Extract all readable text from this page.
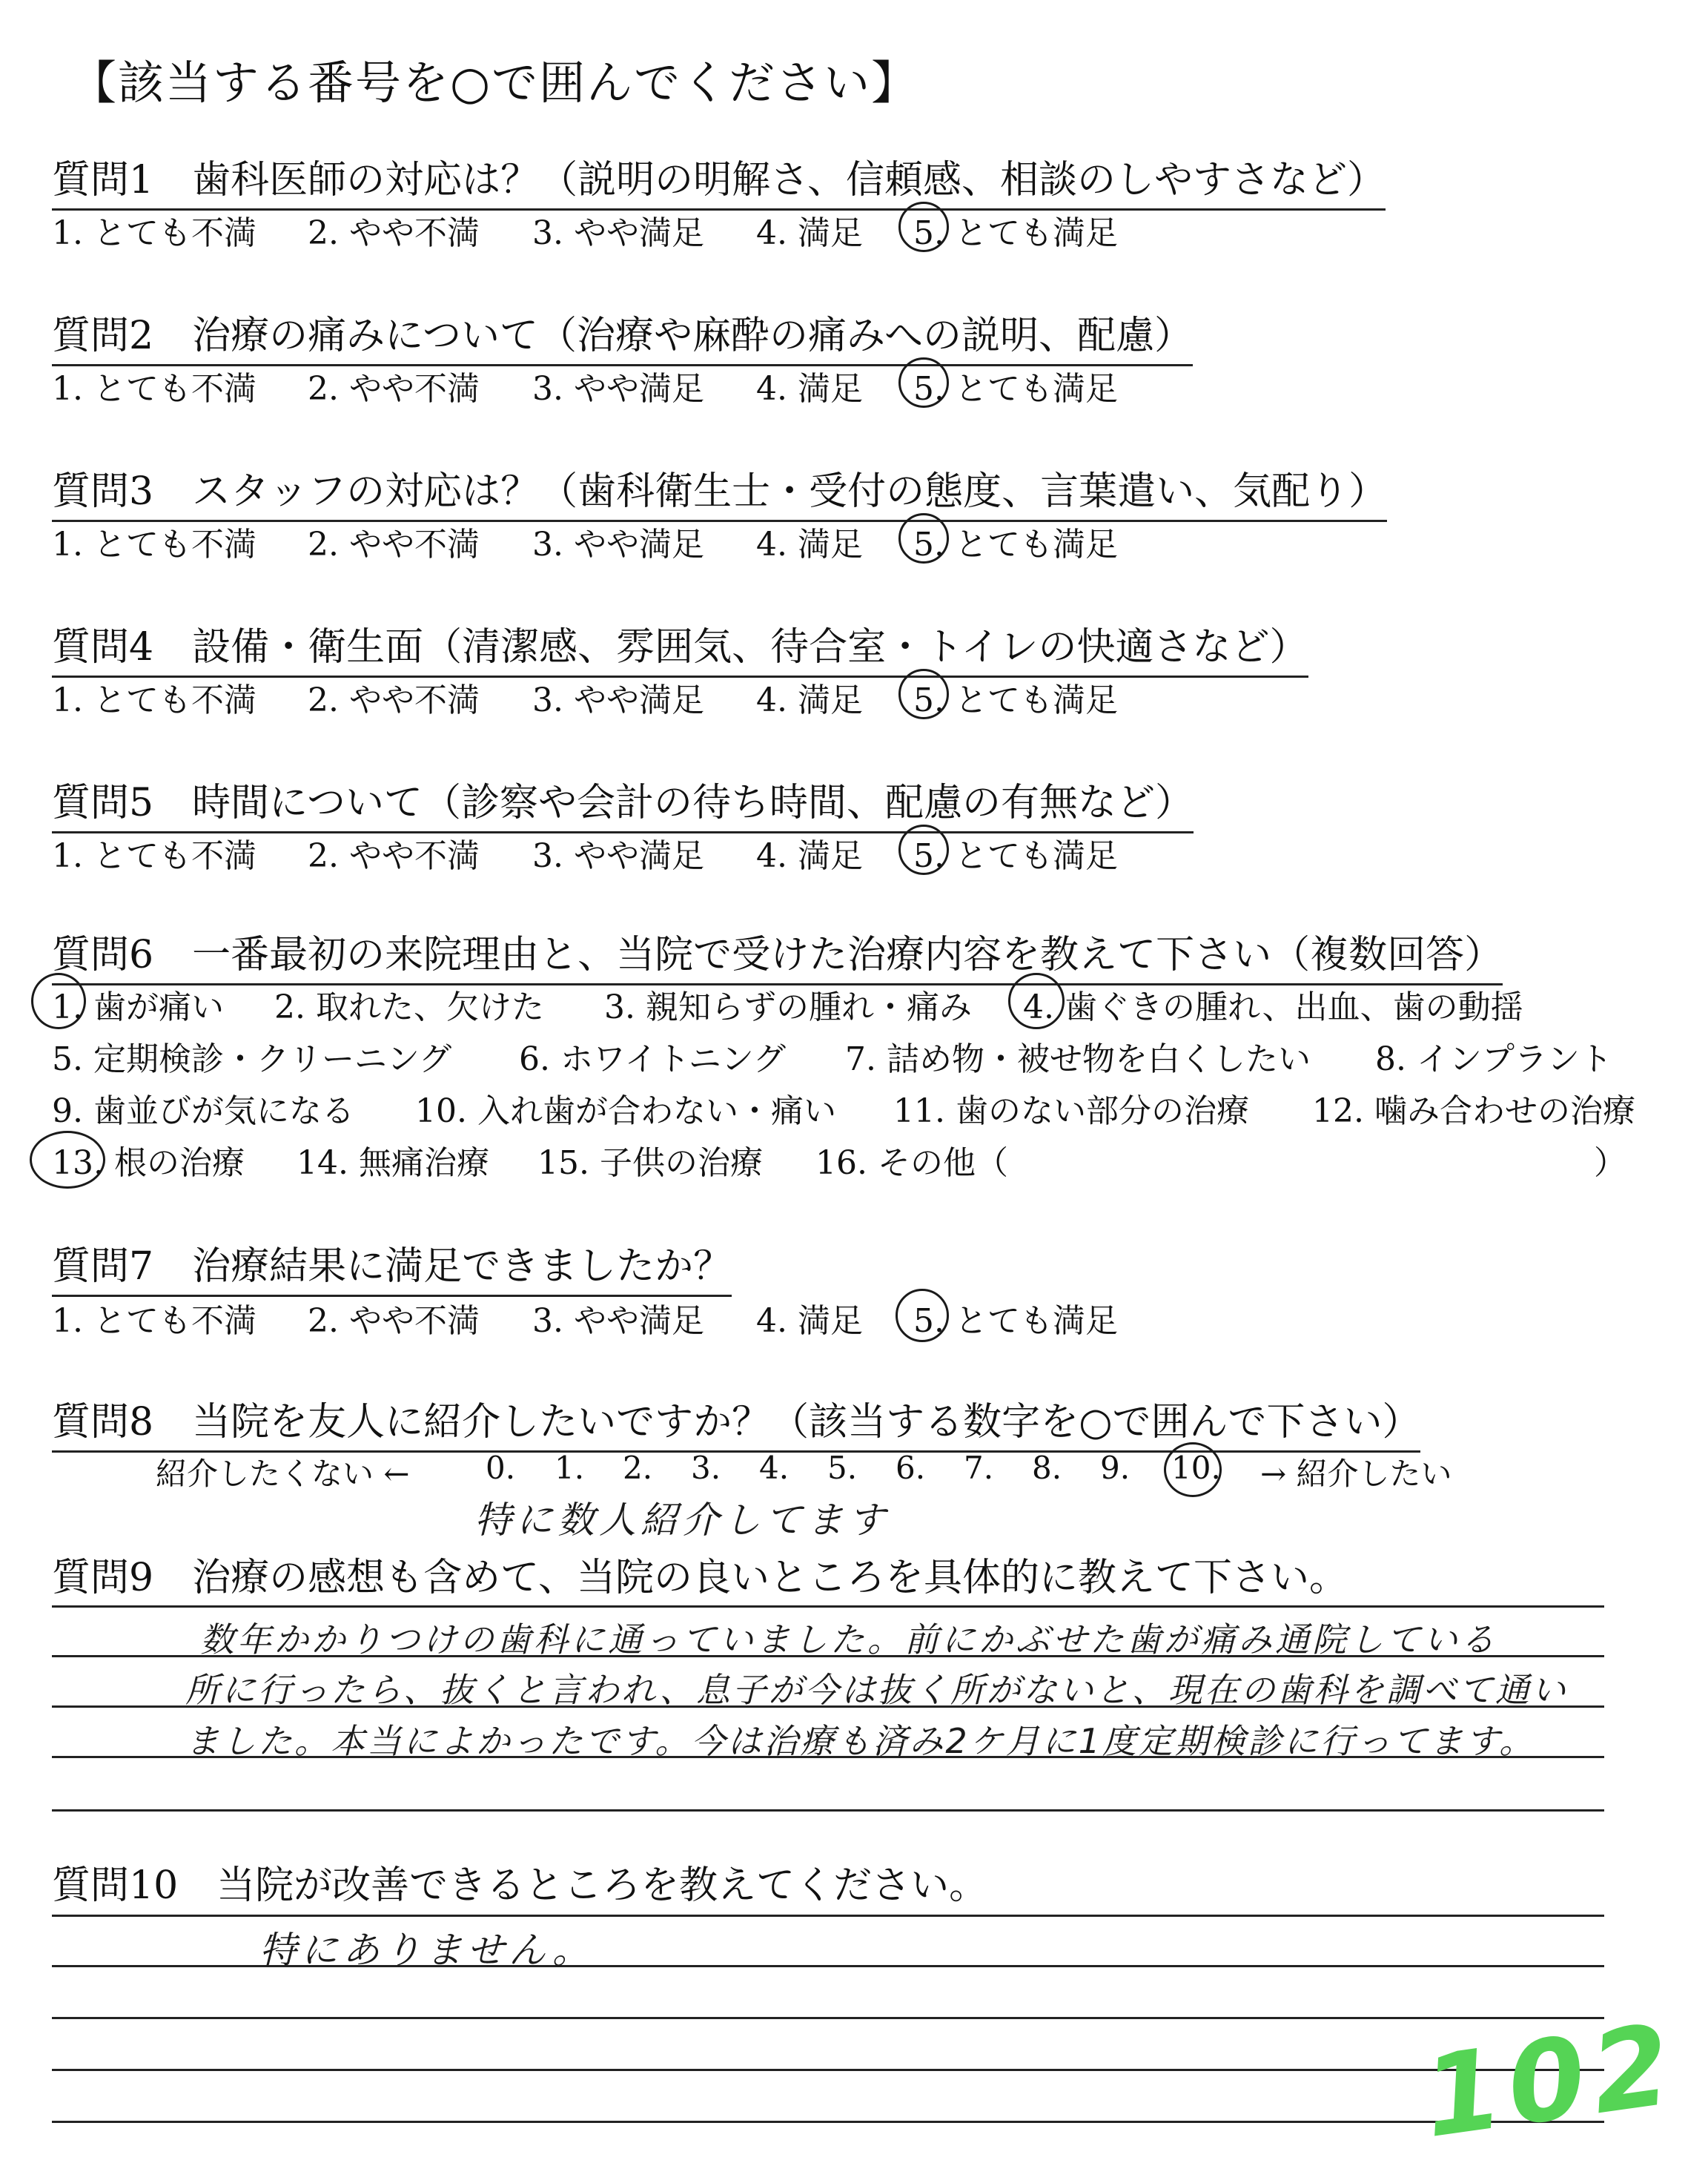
【該当する番号を○で囲んでください】
質問1　歯科医師の対応は？（説明の明解さ、信頼感、相談のしやすさなど）
1. とても不満 2. やや不満 3. やや満足 4. 満足 5. とても満足
質問2　治療の痛みについて（治療や麻酔の痛みへの説明、配慮）
1. とても不満 2. やや不満 3. やや満足 4. 満足 5. とても満足
質問3　スタッフの対応は？（歯科衛生士・受付の態度、言葉遣い、気配り）
1. とても不満 2. やや不満 3. やや満足 4. 満足 5. とても満足
質問4　設備・衛生面（清潔感、雰囲気、待合室・トイレの快適さなど）
1. とても不満 2. やや不満 3. やや満足 4. 満足 5. とても満足
質問5　時間について（診察や会計の待ち時間、配慮の有無など）
1. とても不満 2. やや不満 3. やや満足 4. 満足 5. とても満足
質問6　一番最初の来院理由と、当院で受けた治療内容を教えて下さい（複数回答）
1. 歯が痛い 2. 取れた、欠けた 3. 親知らずの腫れ・痛み 4. 歯ぐきの腫れ、出血、歯の動揺
5. 定期検診・クリーニング 6. ホワイトニング 7. 詰め物・被せ物を白くしたい 8. インプラント
9. 歯並びが気になる 10. 入れ歯が合わない・痛い 11. 歯のない部分の治療 12. 噛み合わせの治療
13. 根の治療 14. 無痛治療 15. 子供の治療 16. その他（	）
質問7　治療結果に満足できましたか？
1. とても不満 2. やや不満 3. やや満足 4. 満足 5. とても満足
質問8　当院を友人に紹介したいですか？（該当する数字を○で囲んで下さい）
紹介したくない ← 0. 1. 2. 3. 4. 5. 6. 7. 8. 9. 10. → 紹介したい
特に数人紹介してます
質問9　治療の感想も含めて、当院の良いところを具体的に教えて下さい。
数年かかりつけの歯科に通っていました。前にかぶせた歯が痛み通院している
所に行ったら、抜くと言われ、息子が今は抜く所がないと、現在の歯科を調べて通い
ました。本当によかったです。今は治療も済み2ケ月に1度定期検診に行ってます。
質問10　当院が改善できるところを教えてください。
特にありません。
102
